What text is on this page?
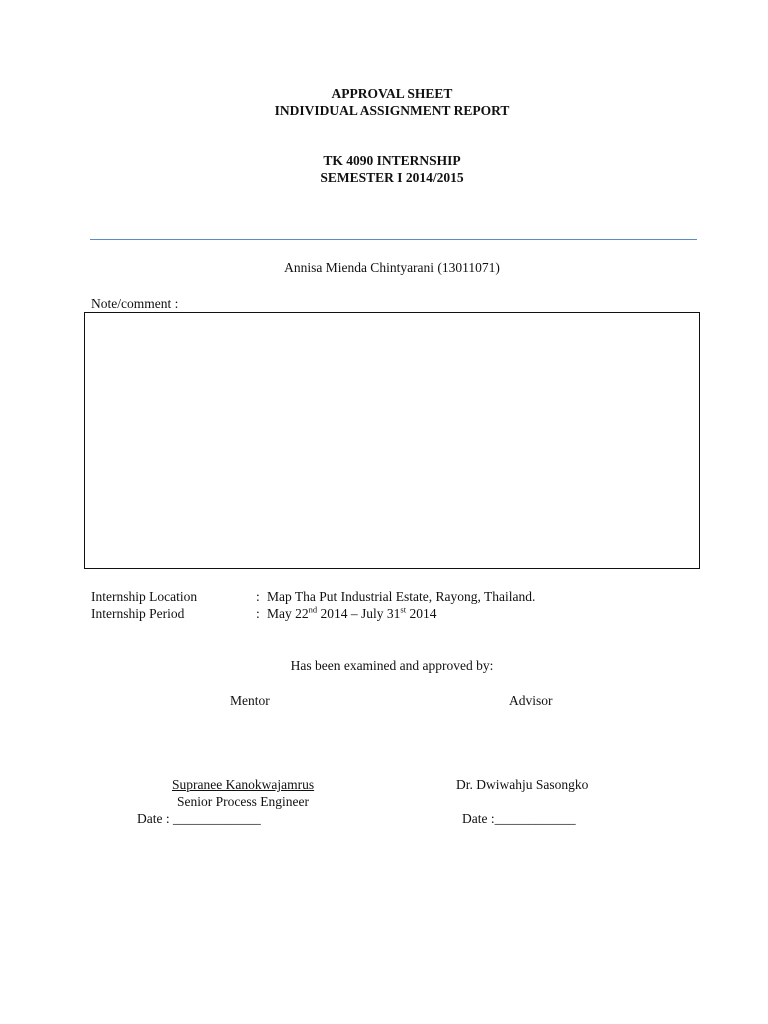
APPROVAL SHEET

INDIVIDUAL ASSIGNMENT REPORT

TK 4090 INTERNSHIP

SEMESTER I 2014/2015

Annisa Mienda Chintyarani (13011071)

Note/comment :

Internship Location	: Map Tha Put Industrial Estate, Rayong, Thailand.

Internship Period	: May 22nd 2014 – July 31st 2014

Has been examined and approved by:

Mentor	Advisor

Supranee Kanokwajamrus	Dr. Dwiwahju Sasongko

Senior Process Engineer

Date : _____________	Date :____________
